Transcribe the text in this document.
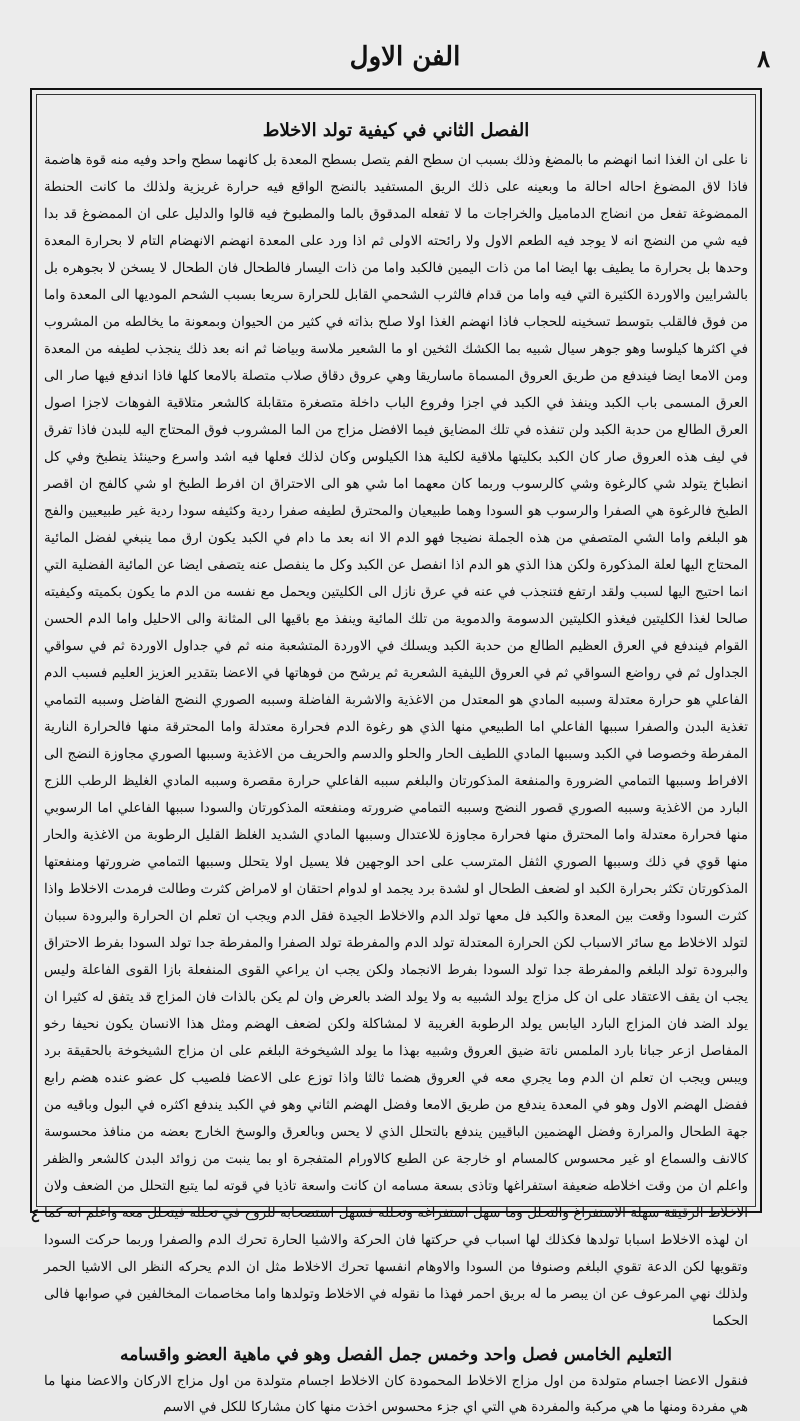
٨
الفن الاول
الفصل الثاني في كيفية تولد الاخلاط

نا على ان الغذا انما انهضم ما بالمضغ وذلك بسبب ان سطح الفم يتصل بسطح المعدة بل كانهما سطح واحد وفيه منه قوة هاضمة فاذا لاق المضوغ احاله احالة ما وبعينه على ذلك الريق المستفيد بالنضج الواقع فيه حرارة غريزية ولذلك ما كانت الحنطة الممضوغة تفعل من انضاج الدماميل والخراجات ما لا تفعله المدقوق بالما والمطبوخ فيه قالوا والدليل على ان الممضوغ قد بدا فيه شي من النضج انه لا يوجد فيه الطعم الاول ولا رائحته الاولى ثم اذا ورد على المعدة انهضم الانهضام التام لا بحرارة المعدة وحدها بل بحرارة ما يطيف بها ايضا اما من ذات اليمين فالكبد واما من ذات اليسار فالطحال فان الطحال لا يسخن لا بجوهره بل بالشرايين والاوردة الكثيرة التي فيه واما من قدام فالثرب الشحمي القابل للحرارة سريعا بسبب الشحم الموديها الى المعدة واما من فوق فالقلب بتوسط تسخينه للحجاب فاذا انهضم الغذا اولا صلح بذاته في كثير من الحيوان وبمعونة ما يخالطه من المشروب في اكثرها كيلوسا وهو جوهر سيال شبيه بما الكشك الثخين او ما الشعير ملاسة وبياضا ثم انه بعد ذلك ينجذب لطيفه من المعدة ومن الامعا ايضا فيندفع من طريق العروق المسماة ماساريقا وهي عروق دقاق صلاب متصلة بالامعا كلها فاذا اندفع فيها صار الى العرق المسمى باب الكبد وينفذ في الكبد في اجزا وفروع الباب داخلة متصغرة متقابلة كالشعر متلاقية الفوهات لاجزا اصول العرق الطالع من حدبة الكبد ولن تنفذه في تلك المضايق فيما الافضل مزاج من الما المشروب فوق المحتاج اليه للبدن فاذا تفرق في ليف هذه العروق صار كان الكبد بكليتها ملاقية لكلية هذا الكيلوس وكان لذلك فعلها فيه اشد واسرع وحينئذ ينطبخ وفي كل انطباخ يتولد شي كالرغوة وشي كالرسوب وربما كان معهما اما شي هو الى الاحتراق ان افرط الطبخ او شي كالفج ان اقصر الطبخ فالرغوة هي الصفرا والرسوب هو السودا وهما طبيعيان والمحترق لطيفه صفرا ردية وكثيفه سودا ردية غير طبيعيين والفج هو البلغم واما الشي المتصفي من هذه الجملة نضيجا فهو الدم الا انه بعد ما دام في الكبد يكون ارق مما ينبغي لفضل المائية المحتاج اليها لعلة المذكورة ولكن هذا الذي هو الدم اذا انفصل عن الكبد وكل ما ينفصل عنه يتصفى ايضا عن المائية الفضلية التي انما احتيج اليها لسبب ولقد ارتفع فتنجذب في عنه في عرق نازل الى الكليتين ويحمل مع نفسه من الدم ما يكون بكميته وكيفيته صالحا لغذا الكليتين فيغذو الكليتين الدسومة والدموية من تلك المائية وينفذ مع باقيها الى المثانة والى الاحليل واما الدم الحسن القوام فيندفع في العرق العظيم الطالع من حدبة الكبد ويسلك في الاوردة المتشعبة منه ثم في جداول الاوردة ثم في سواقي الجداول ثم في رواضع السواقي ثم في العروق الليفية الشعرية ثم يرشح من فوهاتها في الاعضا بتقدير العزيز العليم فسبب الدم الفاعلي هو حرارة معتدلة وسببه المادي هو المعتدل من الاغذية والاشربة الفاضلة وسببه الصوري النضج الفاضل وسببه التمامي تغذية البدن والصفرا سببها الفاعلي اما الطبيعي منها الذي هو رغوة الدم فحرارة معتدلة واما المحترقة منها فالحرارة النارية المفرطة وخصوصا في الكبد وسببها المادي اللطيف الحار والحلو والدسم والحريف من الاغذية وسببها الصوري مجاوزة النضج الى الافراط وسببها التمامي الضرورة والمنفعة المذكورتان والبلغم سببه الفاعلي حرارة مقصرة وسببه المادي الغليظ الرطب اللزج البارد من الاغذية وسببه الصوري قصور النضج وسببه التمامي ضرورته ومنفعته المذكورتان والسودا سببها الفاعلي اما الرسوبي منها فحرارة معتدلة واما المحترق منها فحرارة مجاوزة للاعتدال وسببها المادي الشديد الغلظ القليل الرطوبة من الاغذية والحار منها قوي في ذلك وسببها الصوري الثفل المترسب على احد الوجهين فلا يسيل اولا يتحلل وسببها التمامي ضرورتها ومنفعتها المذكورتان تكثر بحرارة الكبد او لضعف الطحال او لشدة برد يجمد او لدوام احتقان او لامراض كثرت وطالت فرمدت الاخلاط واذا كثرت السودا وقعت بين المعدة والكبد فل معها تولد الدم والاخلاط الجيدة فقل الدم ويجب ان تعلم ان الحرارة والبرودة سببان لتولد الاخلاط مع سائر الاسباب لكن الحرارة المعتدلة تولد الدم والمفرطة تولد الصفرا والمفرطة جدا تولد السودا بفرط الاحتراق والبرودة تولد البلغم والمفرطة جدا تولد السودا بفرط الانجماد ولكن يجب ان يراعي القوى المنفعلة بازا القوى الفاعلة وليس يجب ان يقف الاعتقاد على ان كل مزاج يولد الشبيه به ولا يولد الضد بالعرض وان لم يكن بالذات فان المزاج قد يتفق له كثيرا ان يولد الضد فان المزاج البارد اليابس يولد الرطوبة الغريبة لا لمشاكلة ولكن لضعف الهضم ومثل هذا الانسان يكون نحيفا رخو المفاصل ازعر جبانا بارد الملمس ناتة ضيق العروق وشبيه بهذا ما يولد الشيخوخة البلغم على ان مزاج الشيخوخة بالحقيقة برد ويبس ويجب ان تعلم ان الدم وما يجري معه في العروق هضما ثالثا واذا توزع على الاعضا فلصيب كل عضو عنده هضم رابع ففضل الهضم الاول وهو في المعدة يندفع من طريق الامعا وفضل الهضم الثاني وهو في الكبد يندفع اكثره في البول وباقيه من جهة الطحال والمرارة وفضل الهضمين الباقيين يندفع بالتحلل الذي لا يحس وبالعرق والوسخ الخارج بعضه من منافذ محسوسة كالانف والسماع او غير محسوس كالمسام او خارجة عن الطبع كالاورام المتفجرة او بما ينبت من زوائد البدن كالشعر والظفر واعلم ان من وقت اخلاطه ضعيفة استفراغها وتاذى بسعة مسامه ان كانت واسعة تاذيا في قوته لما يتبع التحلل من الضعف ولان الاخلاط الرقيقة سهلة الاستفراغ والتحلل وما سهل استفراغه وتحلله فسهل استصحابه للروح في تحلله فيتحلل معه واعلم انه كما ان لهذه الاخلاط اسبابا تولدها فكذلك لها اسباب في حركتها فان الحركة والاشيا الحارة تحرك الدم والصفرا وربما حركت السودا وتقويها لكن الدعة تقوي البلغم وصنوفا من السودا والاوهام انفسها تحرك الاخلاط مثل ان الدم يحركه النظر الى الاشيا الحمر ولذلك نهي المرعوف عن ان يبصر ما له بريق احمر فهذا ما نقوله في الاخلاط وتولدها واما مخاصمات المخالفين في صوابها فالى الحكما

التعليم الخامس فصل واحد وخمس جمل الفصل وهو في ماهية العضو واقسامه

فنقول الاعضا اجسام متولدة من اول مزاج الاخلاط المحمودة كان الاخلاط اجسام متولدة من اول مزاج الاركان والاعضا منها ما هي مفردة ومنها ما هي مركبة والمفردة هي التي اي جزء محسوس اخذت منها كان مشاركا للكل في الاسم

٤
